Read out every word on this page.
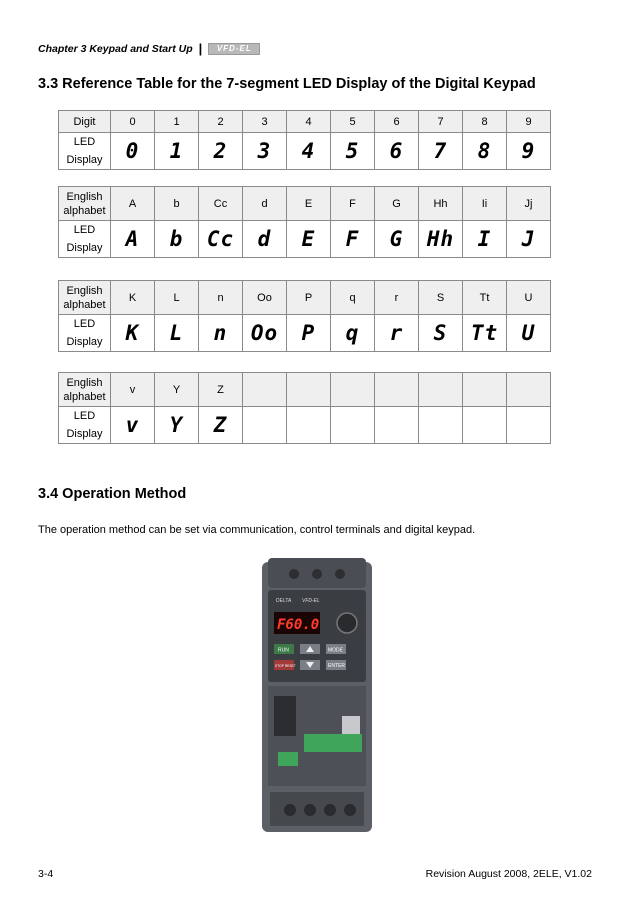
Chapter 3 Keypad and Start Up |	VFD-EL
3.3 Reference Table for the 7-segment LED Display of the Digital Keypad
Digit	0	1	2	3	4	5	6	7	8	9
LED Display	0	1	2	3	4	5	6	7	8	9
English alphabet	A	b	Cc	d	E	F	G	Hh	Ii	Jj
LED Display	A	b	Cc	d	E	F	G	Hh	I	J
English alphabet	K	L	n	Oo	P	q	r	S	Tt	U
LED Display	K	L	n	Oo	P	q	r	S	Tt	U
English alphabet	v	Y	Z							
LED Display	v	Y	Z							
3.4 Operation Method
The operation method can be set via communication, control terminals and digital keypad.
DELTA VFD-EL
F60.0
RUN	MODE
STOP RESET	ENTER
3-4	Revision August 2008, 2ELE, V1.02
